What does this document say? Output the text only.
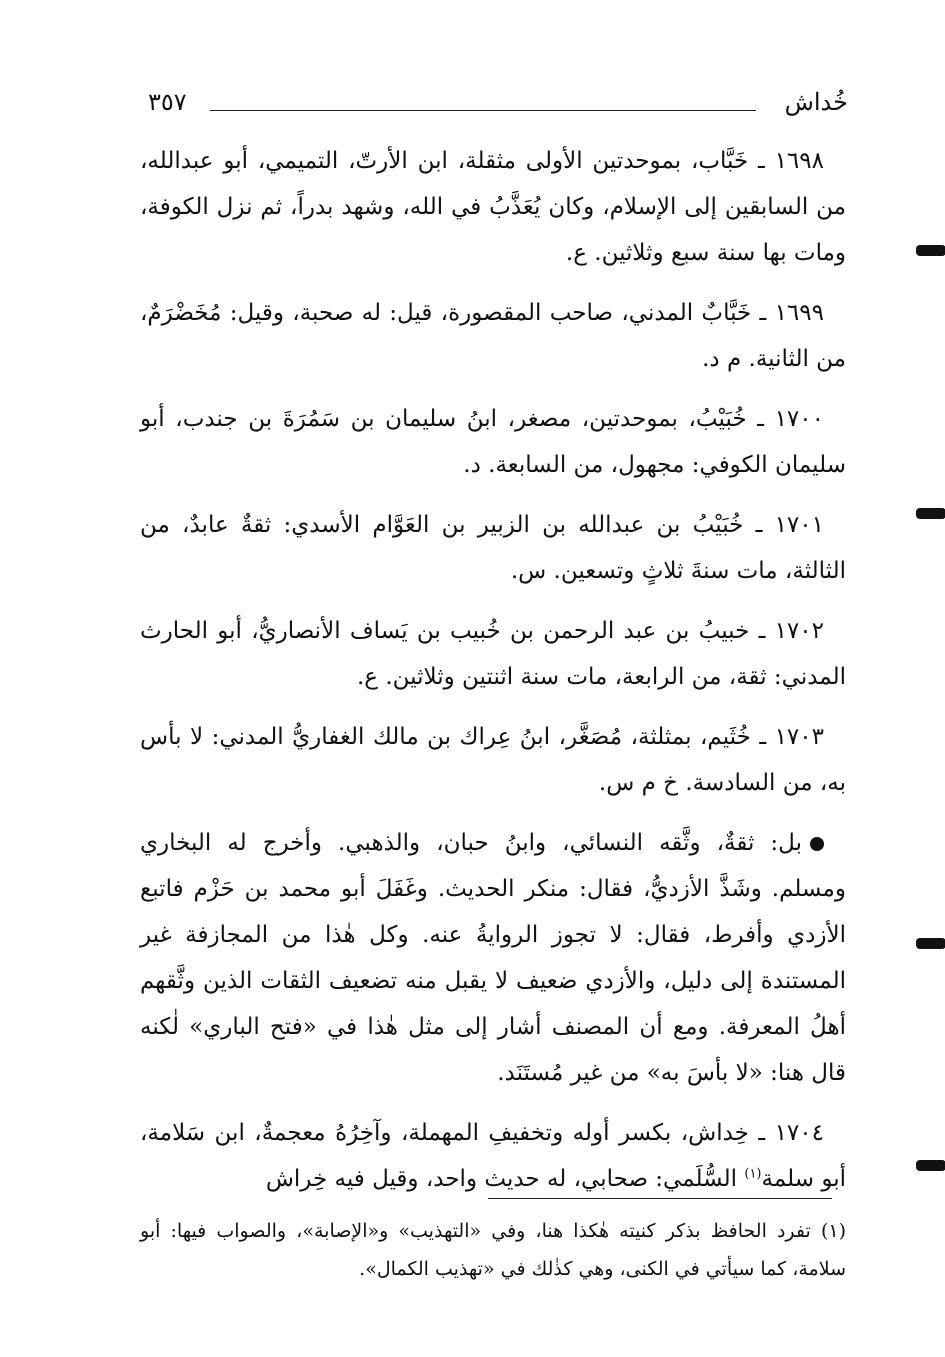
خُداش
٣٥٧

١٦٩٨ ـ خَبَّاب، بموحدتين الأولى مثقلة، ابن الأرتّ، التميمي، أبو عبدالله، من السابقين إلى الإسلام، وكان يُعَذَّبُ في الله، وشهد بدراً، ثم نزل الكوفة، ومات بها سنة سبع وثلاثين. ع.

١٦٩٩ ـ خَبَّابٌ المدني، صاحب المقصورة، قيل: له صحبة، وقيل: مُخَضْرَمٌ، من الثانية. م د.

١٧٠٠ ـ خُبَيْبُ، بموحدتين، مصغر، ابنُ سليمان بن سَمُرَةَ بن جندب، أبو سليمان الكوفي: مجهول، من السابعة. د.

١٧٠١ ـ خُبَيْبُ بن عبدالله بن الزبير بن العَوَّام الأسدي: ثقةٌ عابدٌ، من الثالثة، مات سنةَ ثلاثٍ وتسعين. س.

١٧٠٢ ـ خبيبُ بن عبد الرحمن بن خُبيب بن يَساف الأنصاريُّ، أبو الحارث المدني: ثقة، من الرابعة، مات سنة اثنتين وثلاثين. ع.

١٧٠٣ ـ خُثَيم، بمثلثة، مُصَغَّر، ابنُ عِراك بن مالك الغفاريُّ المدني: لا بأس به، من السادسة. خ م س.

بل: ثقةٌ، وثَّقه النسائي، وابنُ حبان، والذهبي. وأخرج له البخاري ومسلم. وشَذَّ الأزديُّ، فقال: منكر الحديث. وغَفَلَ أبو محمد بن حَزْم فاتبع الأزدي وأفرط، فقال: لا تجوز الروايةُ عنه. وكل هٰذا من المجازفة غير المستندة إلى دليل، والأزدي ضعيف لا يقبل منه تضعيف الثقات الذين وثَّقهم أهلُ المعرفة. ومع أن المصنف أشار إلى مثل هٰذا في «فتح الباري» لٰكنه قال هنا: «لا بأسَ به» من غير مُستَنَد.

١٧٠٤ ـ خِداش، بكسر أوله وتخفيفِ المهملة، وآخِرُهُ معجمةٌ، ابن سَلامة، أبو سلمة$^{(١)}$ السُّلَمي: صحابي، له حديث واحد، وقيل فيه خِراش

(١) تفرد الحافظ بذكر كنيته هٰكذا هنا، وفي «التهذيب» و«الإصابة»، والصواب فيها: أبو سلامة، كما سيأتي في الكنى، وهي كذٰلك في «تهذيب الكمال».
